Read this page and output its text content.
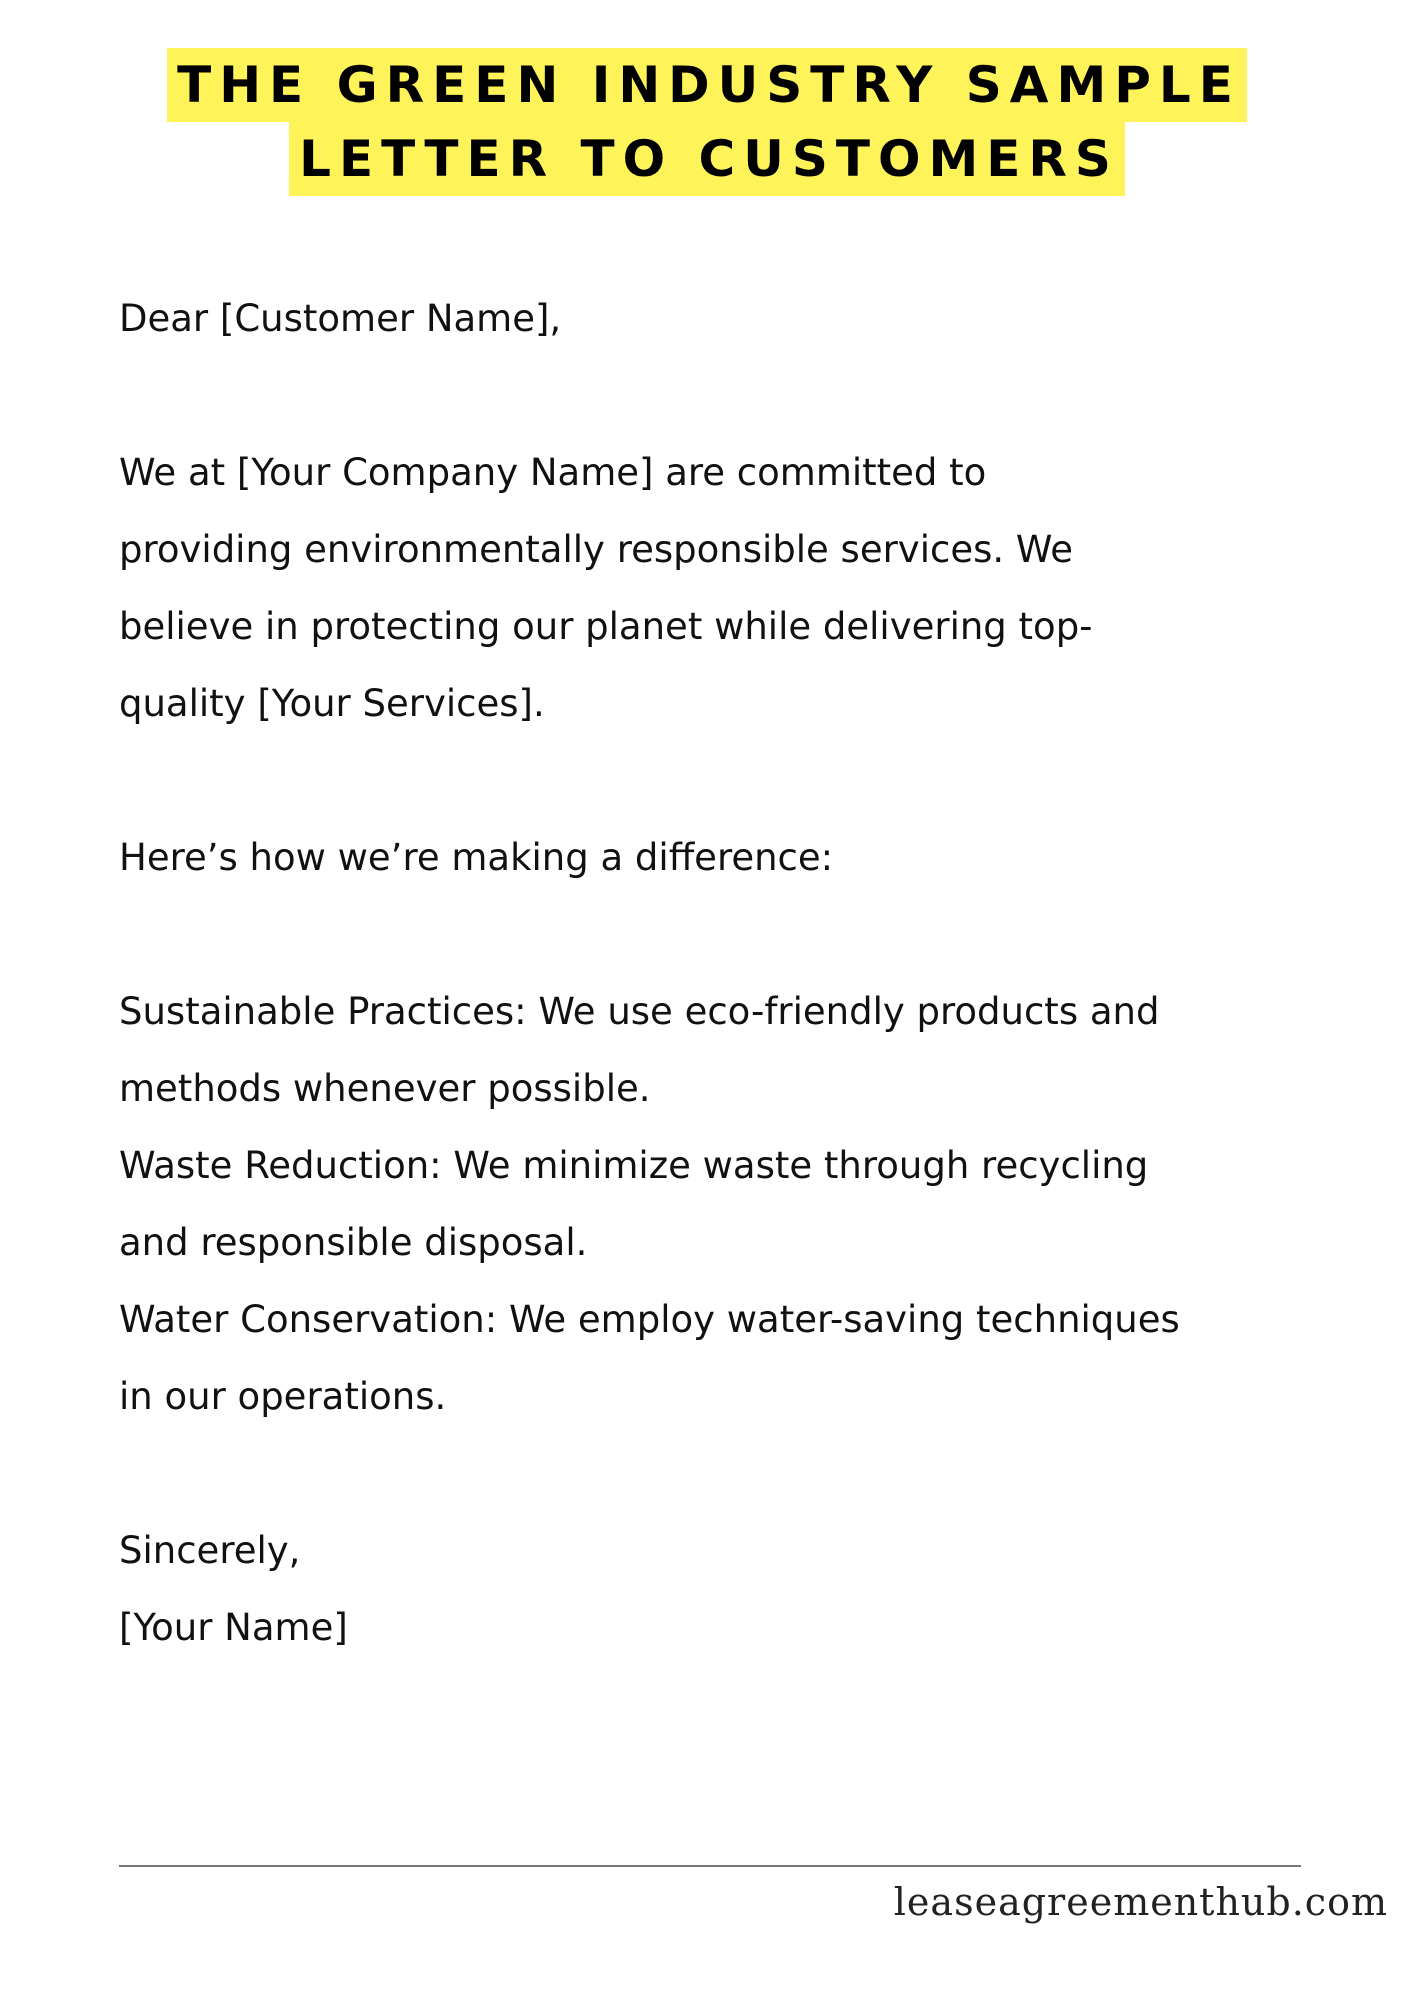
THE GREEN INDUSTRY SAMPLE
LETTER TO CUSTOMERS

Dear [Customer Name],

We at [Your Company Name] are committed to

providing environmentally responsible services. We

believe in protecting our planet while delivering top-

quality [Your Services].

Here’s how we’re making a difference:

Sustainable Practices: We use eco-friendly products and

methods whenever possible.

Waste Reduction: We minimize waste through recycling

and responsible disposal.

Water Conservation: We employ water-saving techniques

in our operations.

Sincerely,

[Your Name]

leaseagreementhub.com
